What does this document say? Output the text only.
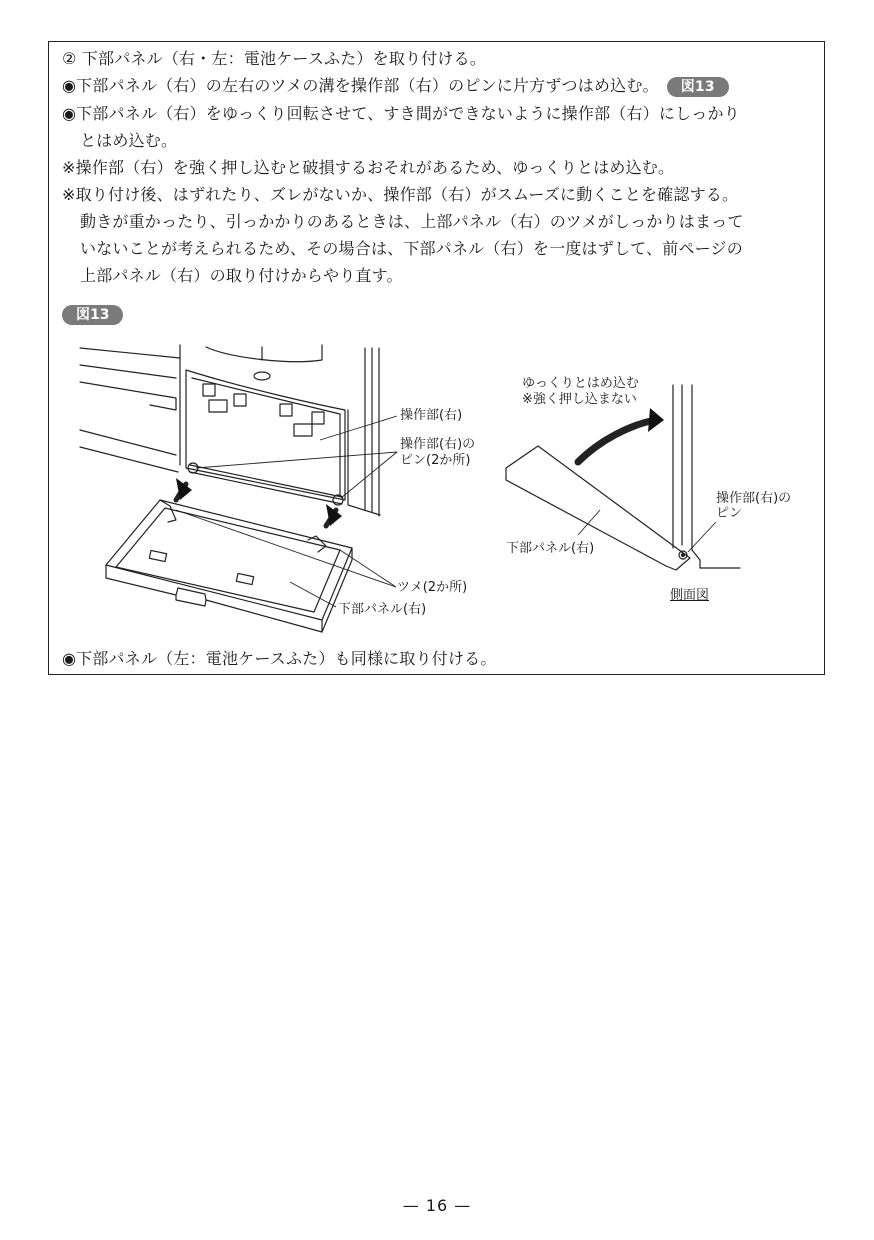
② 下部パネル（右・左：電池ケースふた）を取り付ける。
◉下部パネル（右）の左右のツメの溝を操作部（右）のピンに片方ずつはめ込む。 図13
◉下部パネル（右）をゆっくり回転させて、すき間ができないように操作部（右）にしっかり
とはめ込む。
※操作部（右）を強く押し込むと破損するおそれがあるため、ゆっくりとはめ込む。
※取り付け後、はずれたり、ズレがないか、操作部（右）がスムーズに動くことを確認する。
動きが重かったり、引っかかりのあるときは、上部パネル（右）のツメがしっかりはまって
いないことが考えられるため、その場合は、下部パネル（右）を一度はずして、前ページの
上部パネル（右）の取り付けからやり直す。
図13
操作部(右)
操作部(右)の
ピン(2か所)
ツメ(2か所)
下部パネル(右)
ゆっくりとはめ込む
※強く押し込まない
操作部(右)の
ピン
下部パネル(右)
側面図
◉下部パネル（左：電池ケースふた）も同様に取り付ける。
— 16 —
